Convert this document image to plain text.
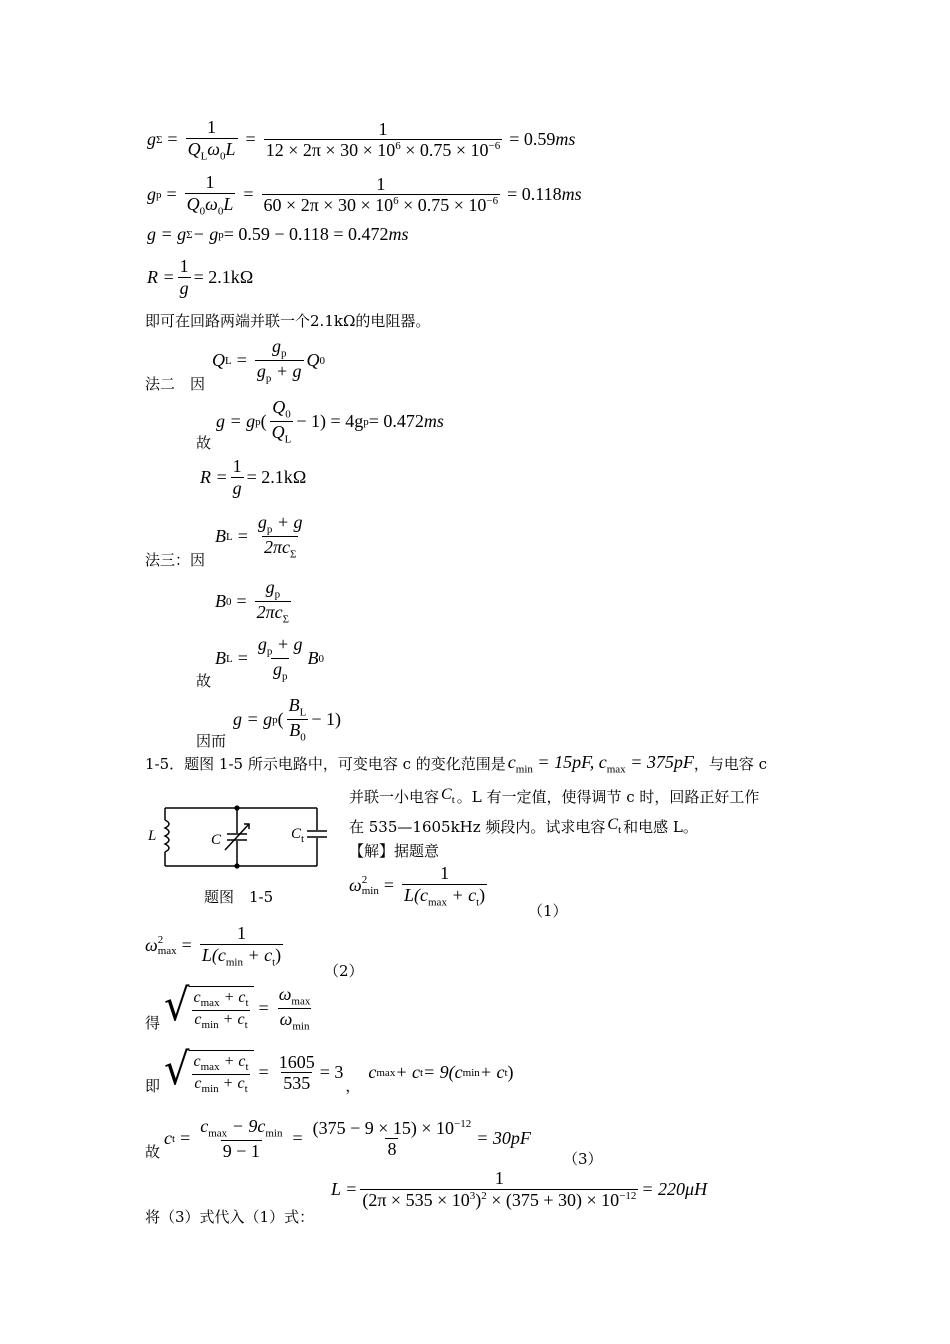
g $\Sigma = \frac{1}{Q_L\omega_0L} = \frac{1}{12 \times 2\pi \times 30 \times 10^6 \times 0.75 \times 10^{-6}} = 0.59$ ms
g $p = \frac{1}{Q_0\omega_0L} = \frac{1}{60 \times 2\pi \times 30 \times 10^6 \times 0.75 \times 10^{-6}} = 0.118$ ms
g = g Σ − g p = 0.59 − 0.118 = 0.472 ms
$R = \frac{1}{g} = 2.1k$ Ω
即可在回路两端并联一个2.1kΩ的电阻器。
法二　因
Q $L = \frac{g_p}{g_p + g}$ Q 0
故
g = g p ( $\frac{Q_0}{Q_L} - 1) = 4g$ p = 0.472 ms
$R = \frac{1}{g} = 2.1k$ Ω
法三：因
B $L = \frac{g_p + g}{2\pi c_\Sigma}$
B $0 = \frac{g_p}{2\pi c_\Sigma}$
故
B $L = \frac{g_p + g}{g_p}$ B 0
因而
g = g p ( $\frac{B_L}{B_0} - 1$)
1-5．题图 1-5 所示电路中，可变电容 c 的变化范围是 $c_{min} = 15pF$, $c_{max} = 375pF$ ，与电容 c
并联一小电容 $C_t$ 。L 有一定值，使得调节 c 时，回路正好工作
在 535—1605kHz 频段内。试求电容 $C_t$ 和电感 L。
【解】据题意
L	C	$C_t$
题图　1-5
ω 2
$\min = \frac{1}{L(c_{max} + c_t)}$
（1）
ω 2
$\max = \frac{1}{L(c_{min} + c_t)}$
（2）
得 √ $\frac{c_{max} + c_t}{c_{min} + c_t} = \frac{\omega_{max}}{\omega_{min}}$
即 √ $\frac{c_{max} + c_t}{c_{min} + c_t} = \frac{1605}{535} = 3$
，
c max + c t = 9(c min + c t )
故
c $t = \frac{c_{max} - 9c_{min}}{9 - 1} = \frac{(375 - 9 \times 15) \times 10^{-12}}{8} = 30pF$
（3）
将（3）式代入（1）式：
$L = \frac{1}{(2\pi \times 535 \times 10^3)^2 \times (375 + 30) \times 10^{-12}} = 220\mu H$
